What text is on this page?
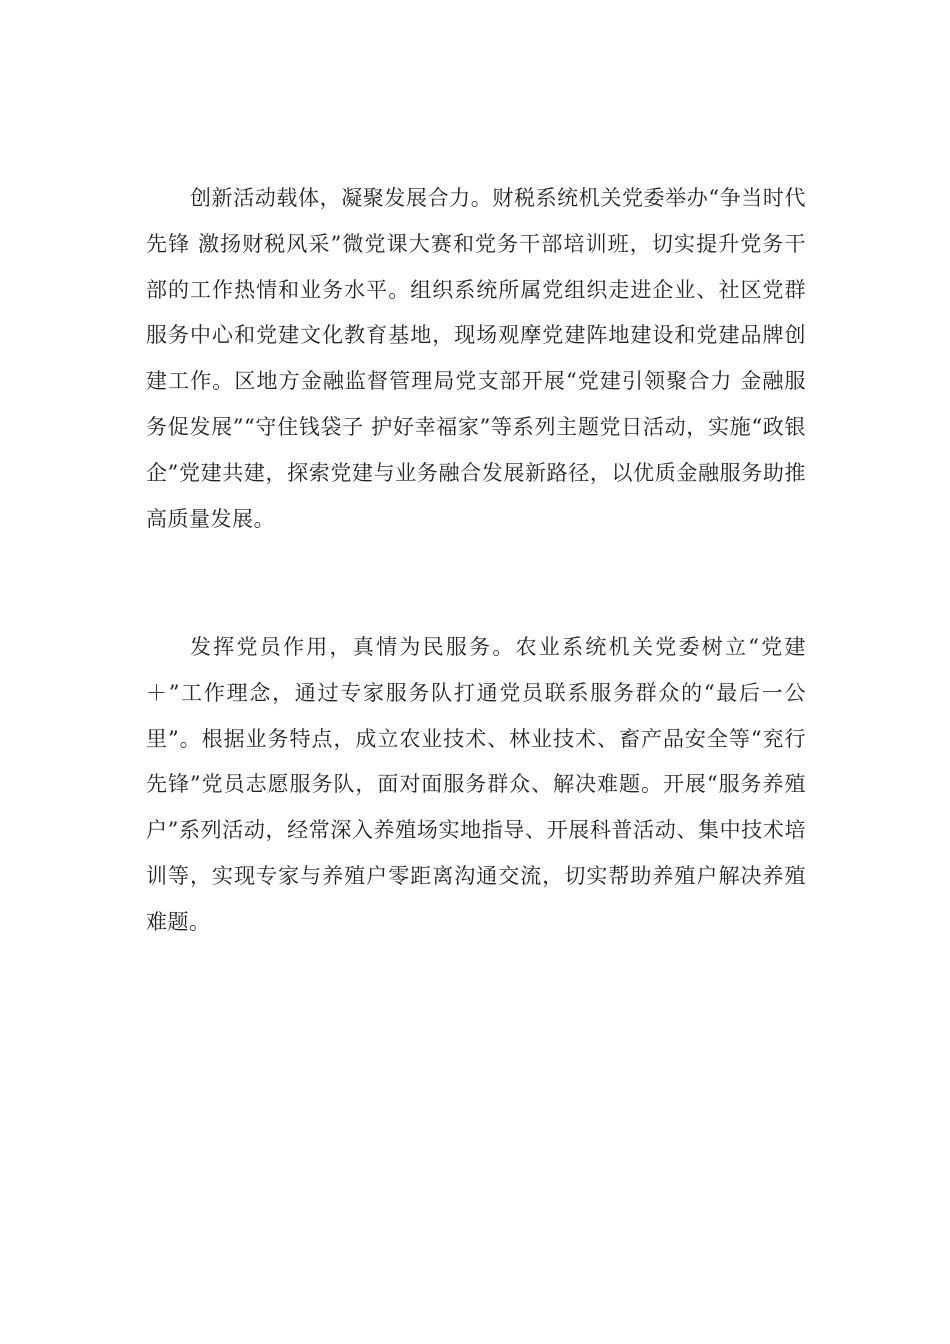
创新活动载体，凝聚发展合力。财税系统机关党委举办“争当时代先锋 激扬财税风采”微党课大赛和党务干部培训班，切实提升党务干部的工作热情和业务水平。组织系统所属党组织走进企业、社区党群服务中心和党建文化教育基地，现场观摩党建阵地建设和党建品牌创建工作。区地方金融监督管理局党支部开展“党建引领聚合力 金融服务促发展”“守住钱袋子 护好幸福家”等系列主题党日活动，实施“政银企”党建共建，探索党建与业务融合发展新路径，以优质金融服务助推高质量发展。

发挥党员作用，真情为民服务。农业系统机关党委树立“党建＋”工作理念，通过专家服务队打通党员联系服务群众的“最后一公里”。根据业务特点，成立农业技术、林业技术、畜产品安全等“兖行先锋”党员志愿服务队，面对面服务群众、解决难题。开展“服务养殖户”系列活动，经常深入养殖场实地指导、开展科普活动、集中技术培训等，实现专家与养殖户零距离沟通交流，切实帮助养殖户解决养殖难题。
